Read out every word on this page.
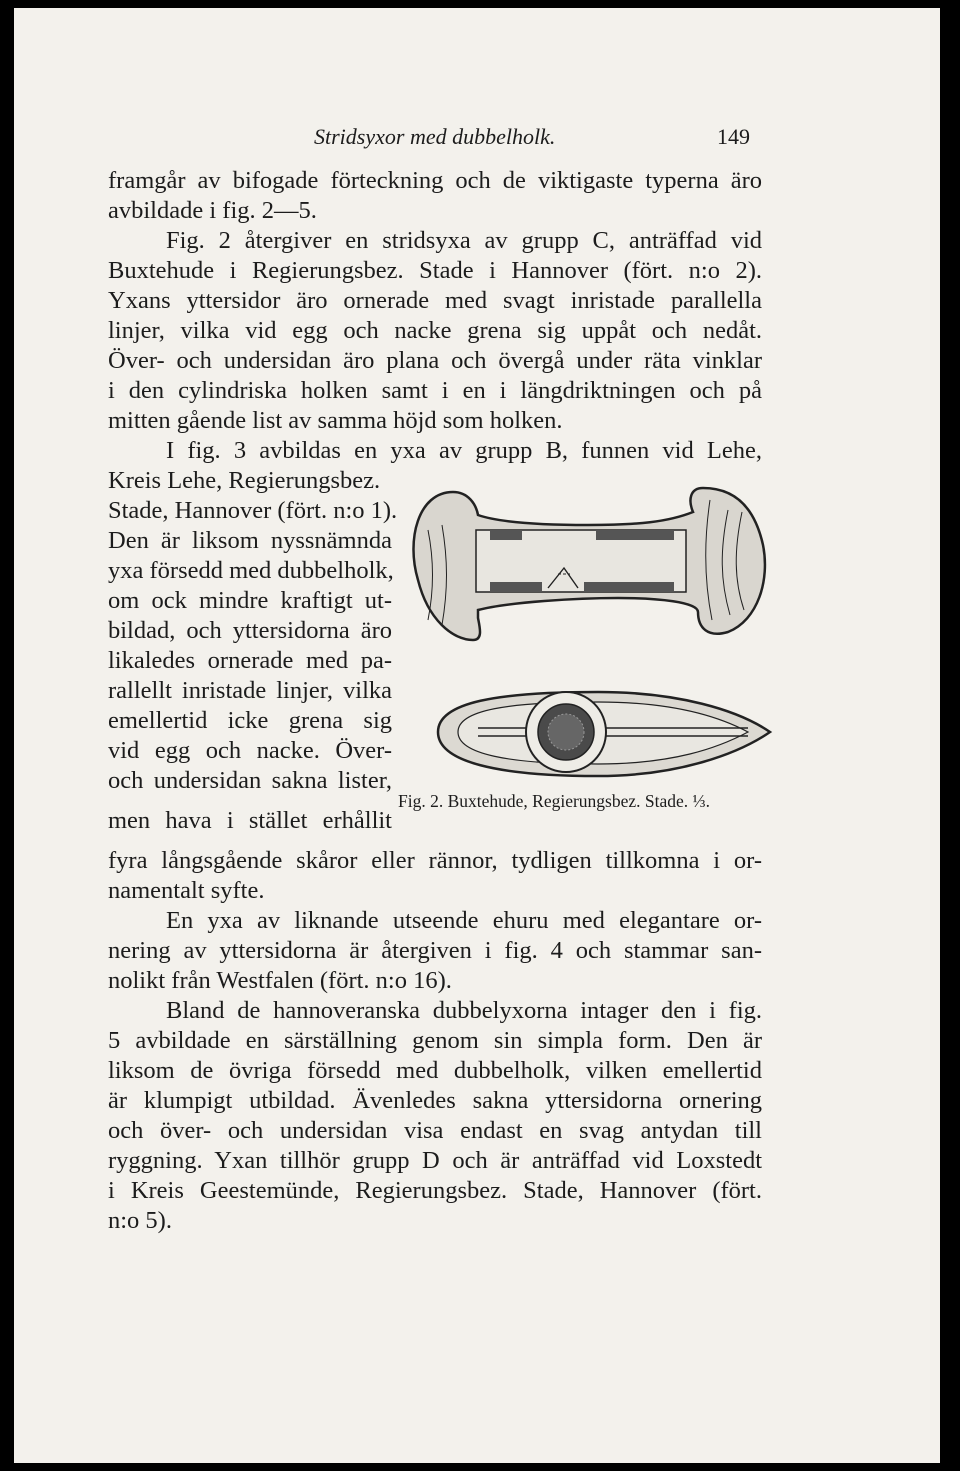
Stridsyxor med dubbelholk.	149
framgår av bifogade förteckning och de viktigaste typerna äro
avbildade i fig. 2—5.
Fig. 2 återgiver en stridsyxa av grupp C, anträffad vid
Buxtehude i Regierungsbez. Stade i Hannover (fört. n:o 2).
Yxans yttersidor äro ornerade med svagt inristade parallella
linjer, vilka vid egg och nacke grena sig uppåt och nedåt.
Över- och undersidan äro plana och övergå under räta vinklar
i den cylindriska holken samt i en i längdriktningen och på
mitten gående list av samma höjd som holken.
I fig. 3 avbildas en yxa av grupp B, funnen vid Lehe,
Kreis Lehe, Regierungsbez.
Stade, Hannover (fört. n:o 1).
Den är liksom nyssnämnda
yxa försedd med dubbelholk,
om ock mindre kraftigt ut-
bildad, och yttersidorna äro
likaledes ornerade med pa-
rallellt inristade linjer, vilka
emellertid icke grena sig
vid egg och nacke. Över-
och undersidan sakna lister,
men hava i stället erhållit
fyra långsgående skåror eller rännor, tydligen tillkomna i or-
namentalt syfte.
En yxa av liknande utseende ehuru med elegantare or-
nering av yttersidorna är återgiven i fig. 4 och stammar san-
nolikt från Westfalen (fört. n:o 16).
Bland de hannoveranska dubbelyxorna intager den i fig.
5 avbildade en särställning genom sin simpla form. Den är
liksom de övriga försedd med dubbelholk, vilken emellertid
är klumpigt utbildad. Ävenledes sakna yttersidorna ornering
och över- och undersidan visa endast en svag antydan till
ryggning. Yxan tillhör grupp D och är anträffad vid Loxstedt
i Kreis Geestemünde, Regierungsbez. Stade, Hannover (fört.
n:o 5).
Fig. 2. Buxtehude, Regierungsbez. Stade. ⅓.
